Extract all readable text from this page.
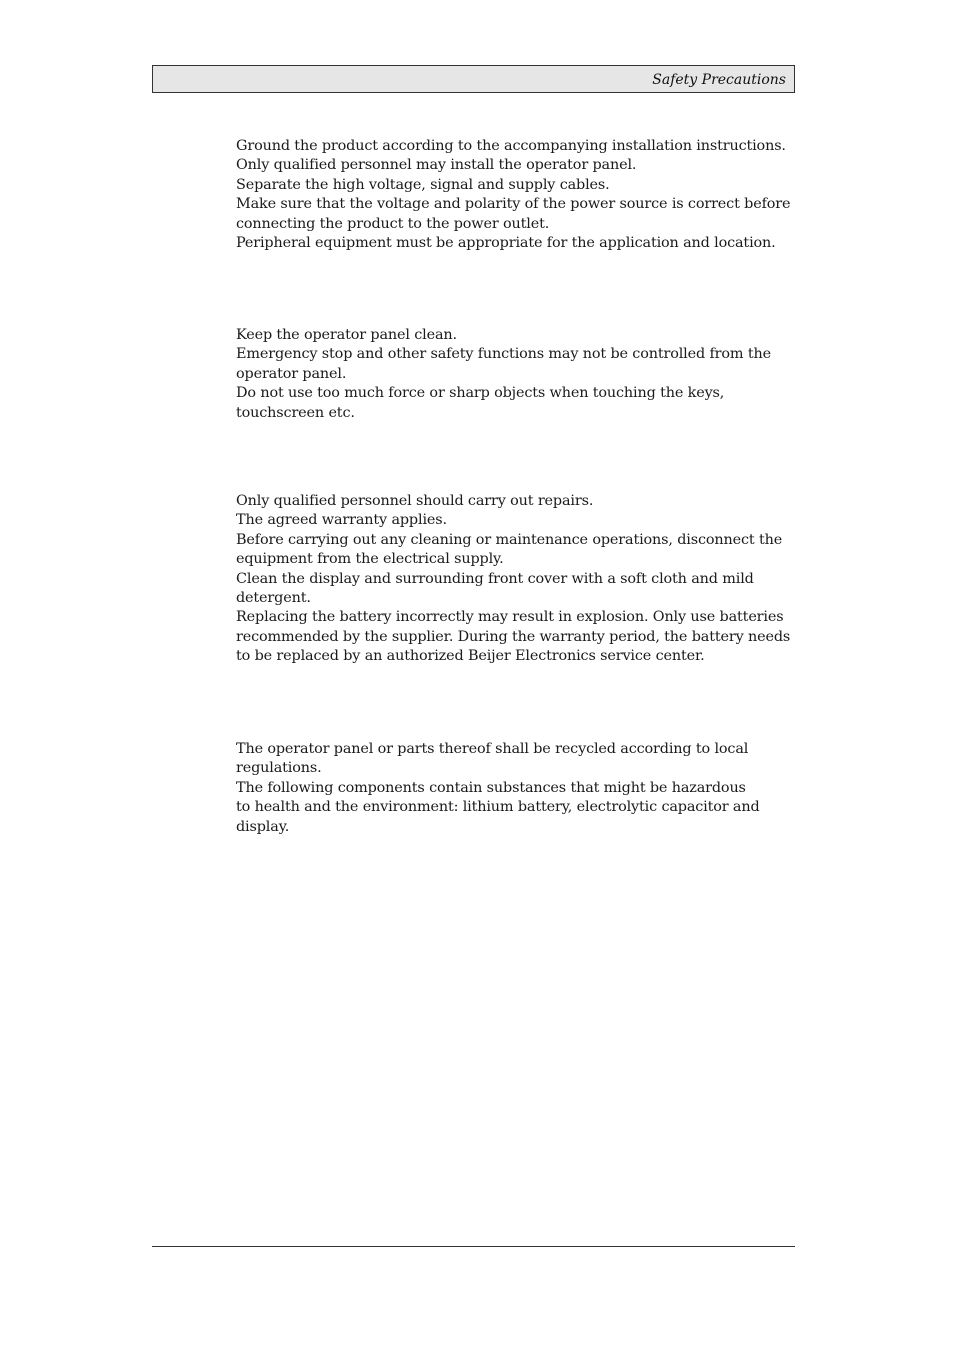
Safety Precautions
Ground the product according to the accompanying installation instructions.
Only qualified personnel may install the operator panel.
Separate the high voltage, signal and supply cables.
Make sure that the voltage and polarity of the power source is correct before
connecting the product to the power outlet.
Peripheral equipment must be appropriate for the application and location.
Keep the operator panel clean.
Emergency stop and other safety functions may not be controlled from the
operator panel.
Do not use too much force or sharp objects when touching the keys,
touchscreen etc.
Only qualified personnel should carry out repairs.
The agreed warranty applies.
Before carrying out any cleaning or maintenance operations, disconnect the
equipment from the electrical supply.
Clean the display and surrounding front cover with a soft cloth and mild
detergent.
Replacing the battery incorrectly may result in explosion. Only use batteries
recommended by the supplier. During the warranty period, the battery needs
to be replaced by an authorized Beijer Electronics service center.
The operator panel or parts thereof shall be recycled according to local
regulations.
The following components contain substances that might be hazardous
to health and the environment: lithium battery, electrolytic capacitor and
display.
